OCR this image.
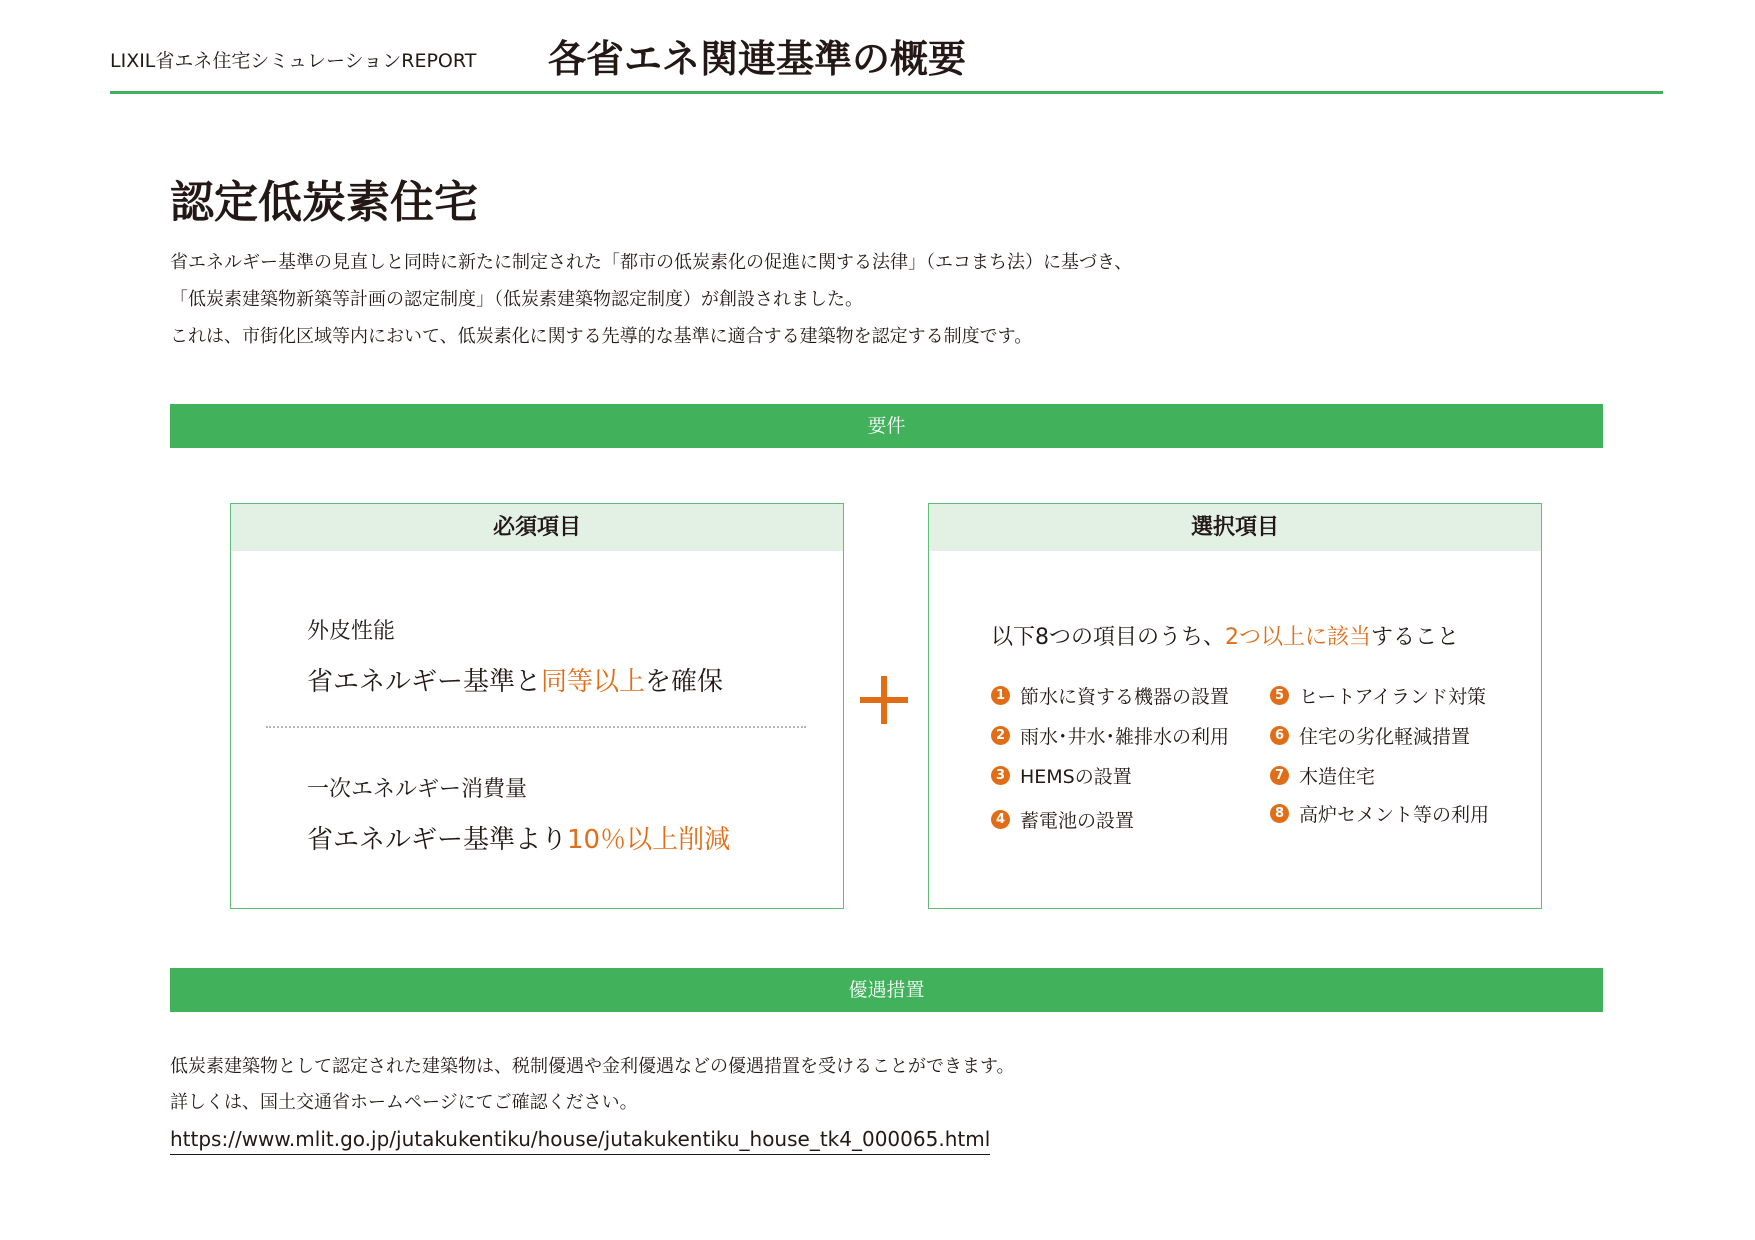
LIXIL省エネ住宅シミュレーションREPORT 各省エネ関連基準の概要
認定低炭素住宅
省エネルギー基準の見直しと同時に新たに制定された「都市の低炭素化の促進に関する法律」（エコまち法）に基づき、
「低炭素建築物新築等計画の認定制度」（低炭素建築物認定制度）が創設されました。
これは、市街化区域等内において、低炭素化に関する先導的な基準に適合する建築物を認定する制度です。
要件
必須項目
外皮性能
省エネルギー基準と同等以上を確保
一次エネルギー消費量
省エネルギー基準より10％以上削減
選択項目
以下8つの項目のうち、2つ以上に該当すること
1 節水に資する機器の設置
2 雨水･井水･雑排水の利用
3 HEMSの設置
4 蓄電池の設置
5 ヒートアイランド対策
6 住宅の劣化軽減措置
7 木造住宅
8 高炉セメント等の利用
優遇措置
低炭素建築物として認定された建築物は、税制優遇や金利優遇などの優遇措置を受けることができます。
詳しくは、国土交通省ホームページにてご確認ください。
https://www.mlit.go.jp/jutakukentiku/house/jutakukentiku_house_tk4_000065.html
